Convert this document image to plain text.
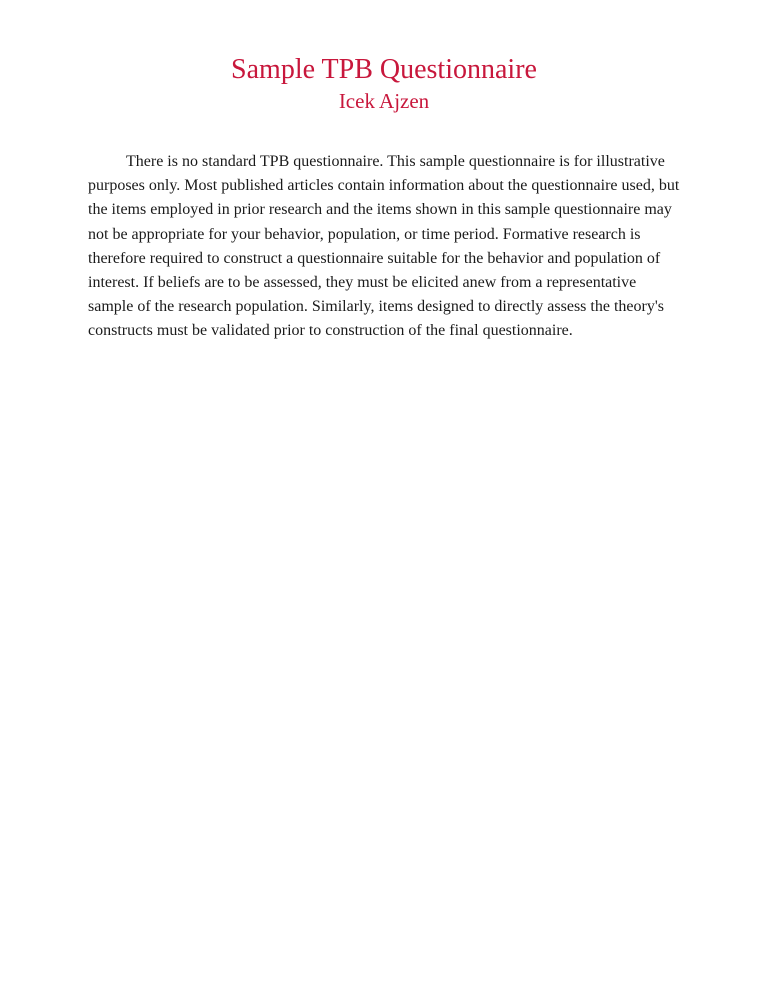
Sample TPB Questionnaire
Icek Ajzen

There is no standard TPB questionnaire. This sample questionnaire is for illustrative purposes only. Most published articles contain information about the questionnaire used, but the items employed in prior research and the items shown in this sample questionnaire may not be appropriate for your behavior, population, or time period. Formative research is therefore required to construct a questionnaire suitable for the behavior and population of interest. If beliefs are to be assessed, they must be elicited anew from a representative sample of the research population. Similarly, items designed to directly assess the theory's constructs must be validated prior to construction of the final questionnaire.
